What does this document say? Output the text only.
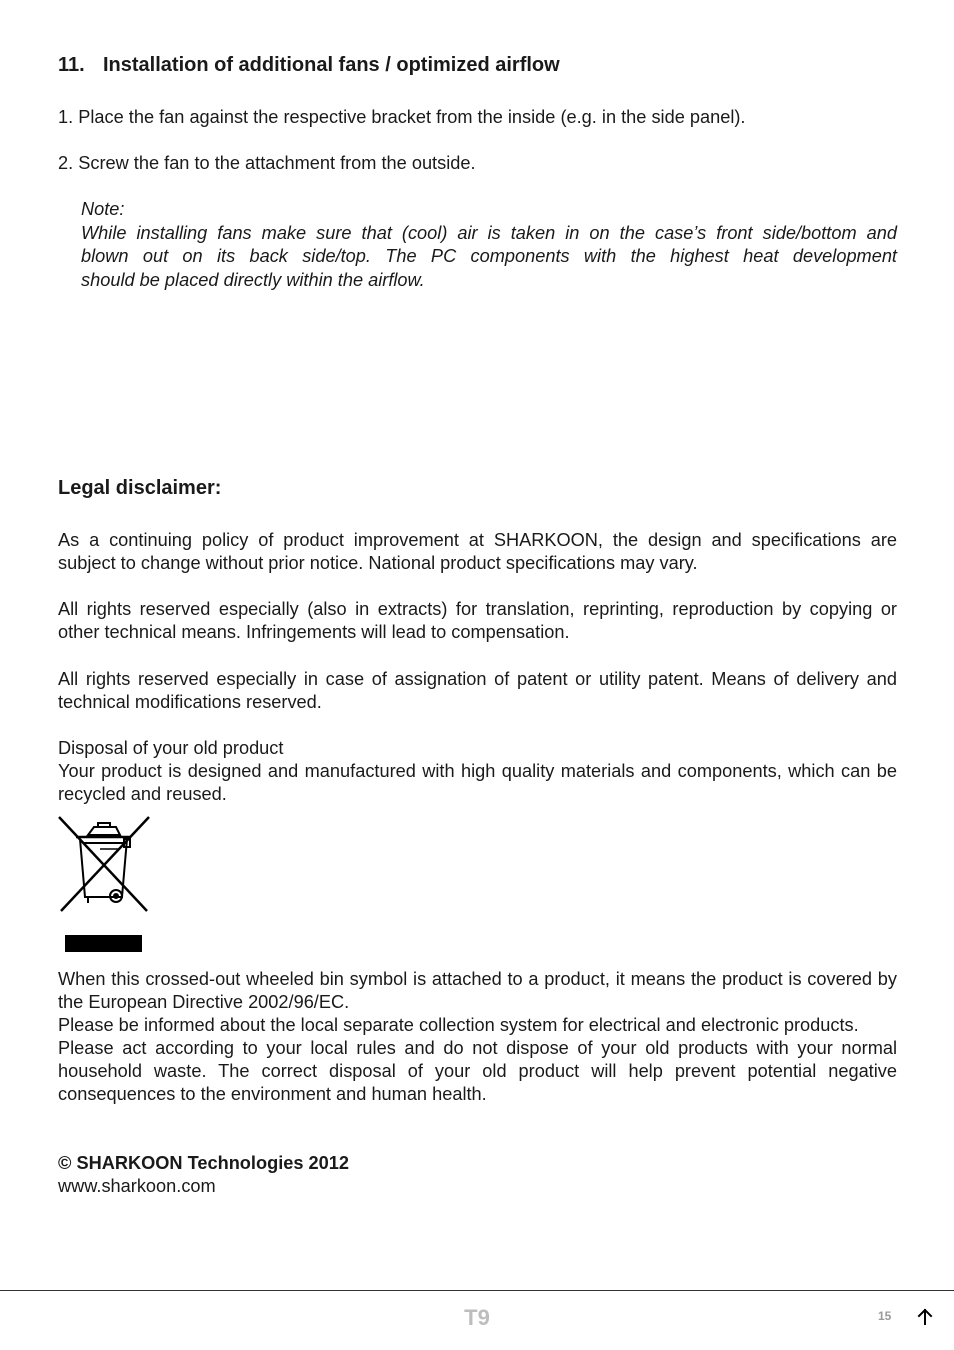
11. Installation of additional fans / optimized airflow

1. Place the fan against the respective bracket from the inside (e.g. in the side panel).

2. Screw the fan to the attachment from the outside.

Note:
While installing fans make sure that (cool) air is taken in on the case’s front side/bottom and
blown out on its back side/top. The PC components with the highest heat development
should be placed directly within the airflow.
Legal disclaimer:

As a continuing policy of product improvement at SHARKOON, the design and specifications are subject to change without prior notice. National product specifications may vary.

All rights reserved especially (also in extracts) for translation, reprinting, reproduction by copying or other technical means. Infringements will lead to compensation.

All rights reserved especially in case of assignation of patent or utility patent. Means of delivery and technical modifications reserved.

Disposal of your old product

Your product is designed and manufactured with high quality materials and components, which can be recycled and reused.

When this crossed-out wheeled bin symbol is attached to a product, it means the product is covered by the European Directive 2002/96/EC.
Please be informed about the local separate collection system for electrical and electronic products.
Please act according to your local rules and do not dispose of your old products with your normal household waste. The correct disposal of your old product will help prevent potential negative consequences to the environment and human health.
© SHARKOON Technologies 2012
www.sharkoon.com
T9	15
